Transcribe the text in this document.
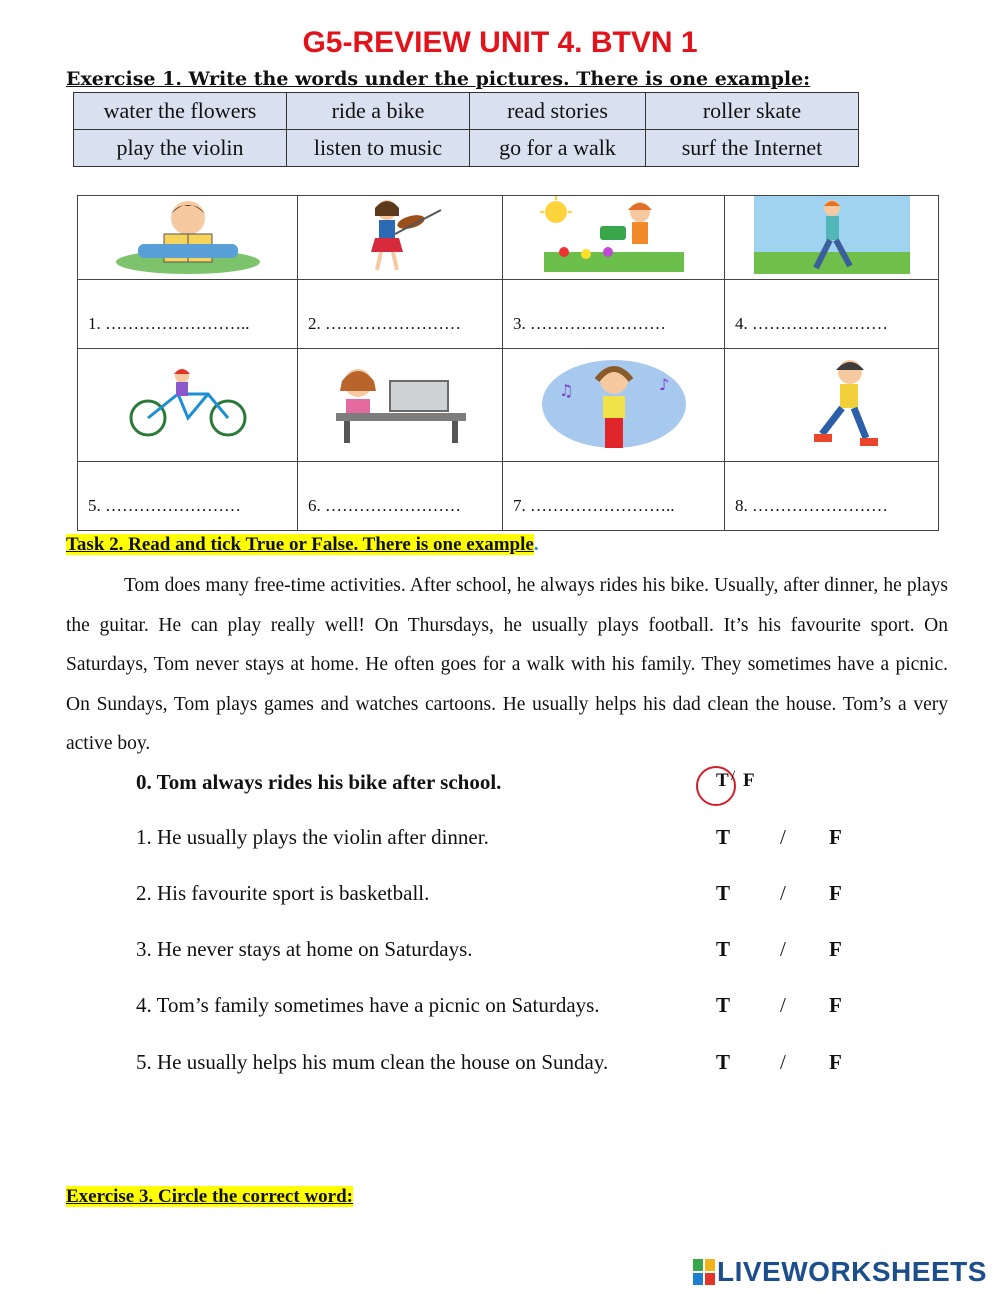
G5-REVIEW UNIT 4. BTVN 1
Exercise 1. Write the words under the pictures. There is one example:
water the flowers	ride a bike	read stories	roller skate
play the violin	listen to music	go for a walk	surf the Internet

1. ……………………..	2. ……………………	3. ……………………	4. ……………………

♫ ♪

5. ……………………	6. ……………………	7. ……………………..	8. ……………………
Task 2. Read and tick True or False. There is one example.

Tom does many free-time activities. After school, he always rides his bike. Usually, after dinner, he plays the guitar. He can play really well! On Thursdays, he usually plays football. It’s his favourite sport. On Saturdays, Tom never stays at home. He often goes for a walk with his family. They sometimes have a picnic. On Sundays, Tom plays games and watches cartoons. He usually helps his dad clean the house. Tom’s a very active boy.

0. Tom always rides his bike after school.	T / F
1. He usually plays the violin after dinner.	T / F
2. His favourite sport is basketball.	T / F
3. He never stays at home on Saturdays.	T / F
4. Tom’s family sometimes have a picnic on Saturdays.	T / F
5. He usually helps his mum clean the house on Sunday.	T / F
Exercise 3. Circle the correct word:
LIVEWORKSHEETS
